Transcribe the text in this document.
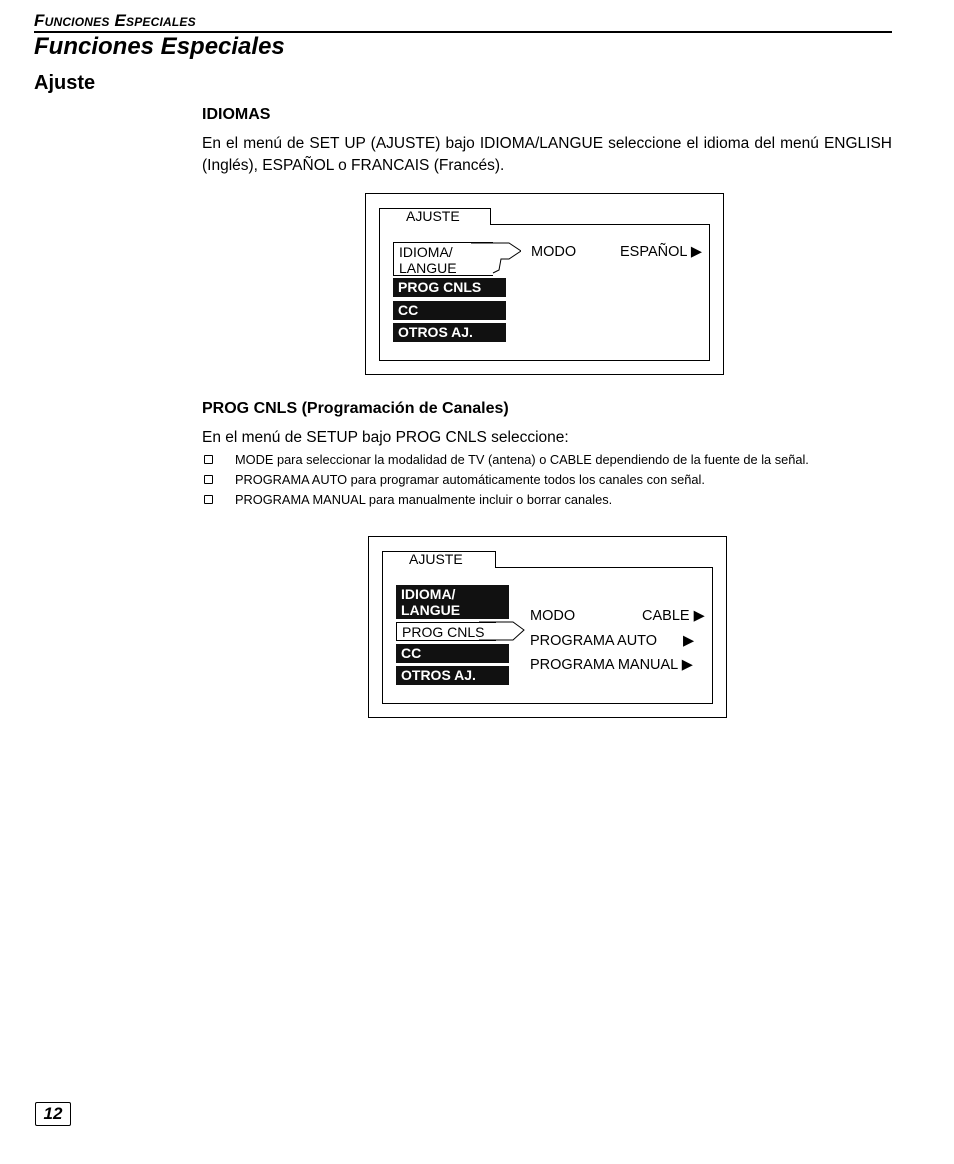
Funciones Especiales
Funciones Especiales
Ajuste
IDIOMAS
En el menú de SET UP (AJUSTE) bajo IDIOMA/LANGUE seleccione el idioma del menú ENGLISH (Inglés), ESPAÑOL o FRANCAIS (Francés).
AJUSTE
IDIOMA/
LANGUE
PROG CNLS
CC
OTROS AJ.
MODO	ESPAÑOL ▶
PROG CNLS (Programación de Canales)
En el menú de SETUP bajo PROG CNLS seleccione:
MODE para seleccionar la modalidad de TV (antena) o CABLE dependiendo de la fuente de la señal.
PROGRAMA AUTO para programar automáticamente todos los canales con señal.
PROGRAMA MANUAL para manualmente incluir o borrar canales.
AJUSTE
IDIOMA/
LANGUE
PROG CNLS
CC
OTROS AJ.
MODO	CABLE ▶
PROGRAMA AUTO ▶
PROGRAMA MANUAL ▶
12
